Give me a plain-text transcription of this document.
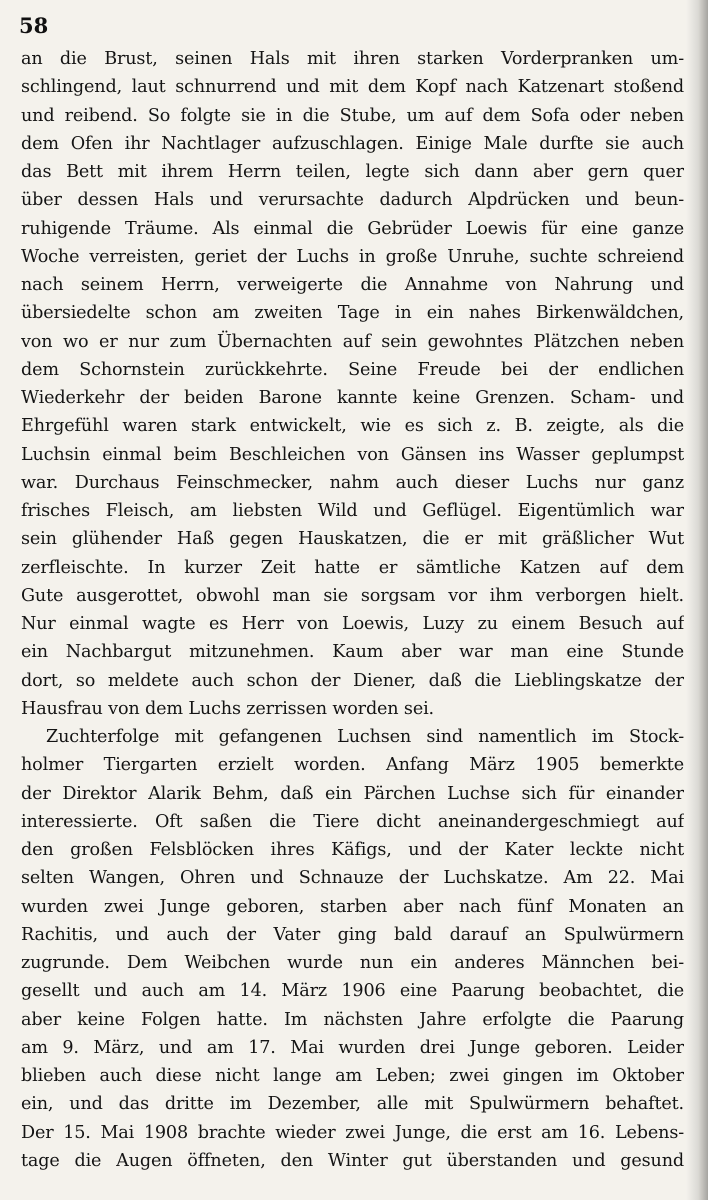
58
an die Brust, seinen Hals mit ihren starken Vorderpranken um-
schlingend, laut schnurrend und mit dem Kopf nach Katzenart stoßend
und reibend. So folgte sie in die Stube, um auf dem Sofa oder neben
dem Ofen ihr Nachtlager aufzuschlagen. Einige Male durfte sie auch
das Bett mit ihrem Herrn teilen, legte sich dann aber gern quer
über dessen Hals und verursachte dadurch Alpdrücken und beun-
ruhigende Träume. Als einmal die Gebrüder Loewis für eine ganze
Woche verreisten, geriet der Luchs in große Unruhe, suchte schreiend
nach seinem Herrn, verweigerte die Annahme von Nahrung und
übersiedelte schon am zweiten Tage in ein nahes Birkenwäldchen,
von wo er nur zum Übernachten auf sein gewohntes Plätzchen neben
dem Schornstein zurückkehrte. Seine Freude bei der endlichen
Wiederkehr der beiden Barone kannte keine Grenzen. Scham- und
Ehrgefühl waren stark entwickelt, wie es sich z. B. zeigte, als die
Luchsin einmal beim Beschleichen von Gänsen ins Wasser geplumpst
war. Durchaus Feinschmecker, nahm auch dieser Luchs nur ganz
frisches Fleisch, am liebsten Wild und Geflügel. Eigentümlich war
sein glühender Haß gegen Hauskatzen, die er mit gräßlicher Wut
zerfleischte. In kurzer Zeit hatte er sämtliche Katzen auf dem
Gute ausgerottet, obwohl man sie sorgsam vor ihm verborgen hielt.
Nur einmal wagte es Herr von Loewis, Luzy zu einem Besuch auf
ein Nachbargut mitzunehmen. Kaum aber war man eine Stunde
dort, so meldete auch schon der Diener, daß die Lieblingskatze der
Hausfrau von dem Luchs zerrissen worden sei.
Zuchterfolge mit gefangenen Luchsen sind namentlich im Stock-
holmer Tiergarten erzielt worden. Anfang März 1905 bemerkte
der Direktor Alarik Behm, daß ein Pärchen Luchse sich für einander
interessierte. Oft saßen die Tiere dicht aneinandergeschmiegt auf
den großen Felsblöcken ihres Käfigs, und der Kater leckte nicht
selten Wangen, Ohren und Schnauze der Luchskatze. Am 22. Mai
wurden zwei Junge geboren, starben aber nach fünf Monaten an
Rachitis, und auch der Vater ging bald darauf an Spulwürmern
zugrunde. Dem Weibchen wurde nun ein anderes Männchen bei-
gesellt und auch am 14. März 1906 eine Paarung beobachtet, die
aber keine Folgen hatte. Im nächsten Jahre erfolgte die Paarung
am 9. März, und am 17. Mai wurden drei Junge geboren. Leider
blieben auch diese nicht lange am Leben; zwei gingen im Oktober
ein, und das dritte im Dezember, alle mit Spulwürmern behaftet.
Der 15. Mai 1908 brachte wieder zwei Junge, die erst am 16. Lebens-
tage die Augen öffneten, den Winter gut überstanden und gesund
